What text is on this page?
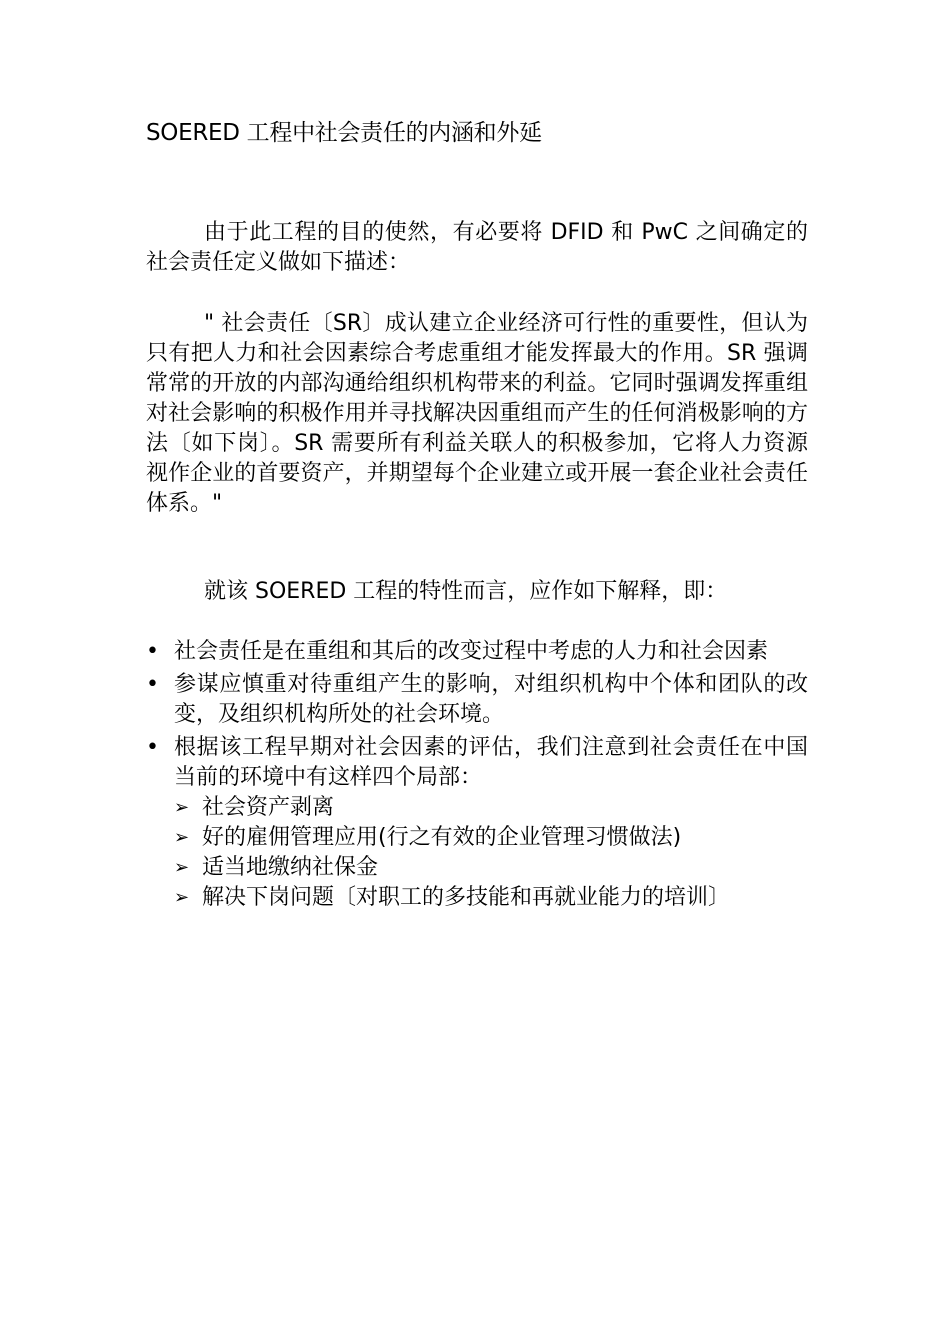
SOERED 工程中社会责任的内涵和外延

由于此工程的目的使然，有必要将 DFID 和 PwC 之间确定的社会责任定义做如下描述：

" 社会责任〔SR〕成认建立企业经济可行性的重要性，但认为只有把人力和社会因素综合考虑重组才能发挥最大的作用。SR 强调常常的开放的内部沟通给组织机构带来的利益。它同时强调发挥重组对社会影响的积极作用并寻找解决因重组而产生的任何消极影响的方法〔如下岗〕。SR 需要所有利益关联人的积极参加，它将人力资源视作企业的首要资产，并期望每个企业建立或开展一套企业社会责任体系。"

就该 SOERED 工程的特性而言，应作如下解释，即：

• 社会责任是在重组和其后的改变过程中考虑的人力和社会因素
• 参谋应慎重对待重组产生的影响，对组织机构中个体和团队的改变，及组织机构所处的社会环境。
• 根据该工程早期对社会因素的评估，我们注意到社会责任在中国当前的环境中有这样四个局部：
➢ 社会资产剥离
➢ 好的雇佣管理应用(行之有效的企业管理习惯做法)
➢ 适当地缴纳社保金
➢ 解决下岗问题〔对职工的多技能和再就业能力的培训〕
